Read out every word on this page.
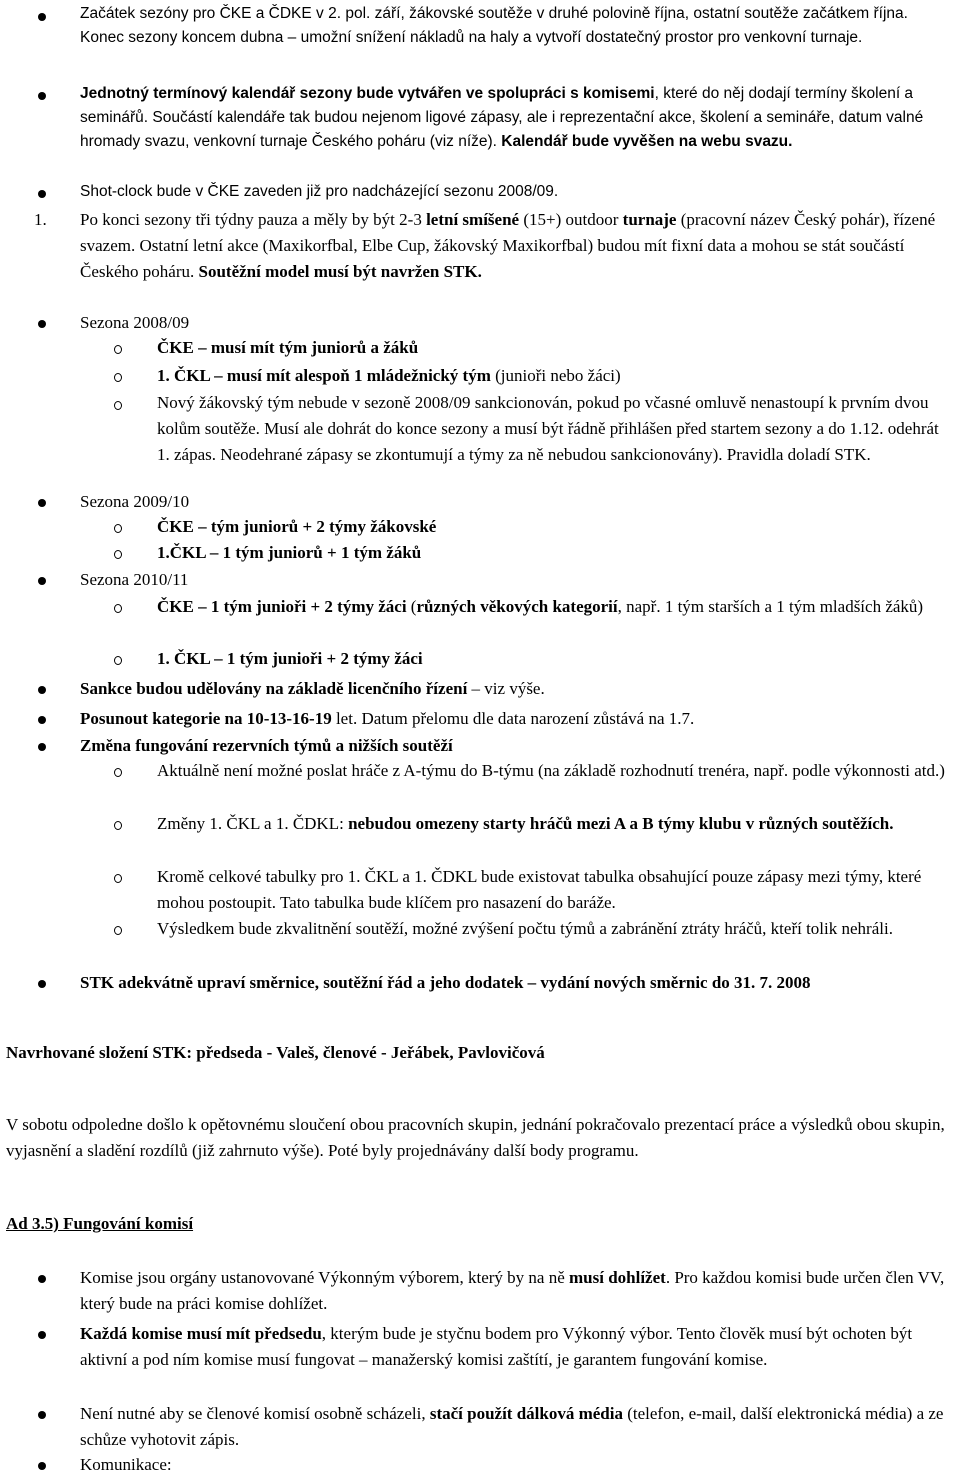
Začátek sezóny pro ČKE a ČDKE v 2. pol. září, žákovské soutěže v druhé polovině října, ostatní soutěže začátkem října. Konec sezony koncem dubna – umožní snížení nákladů na haly a vytvoří dostatečný prostor pro venkovní turnaje.
Jednotný termínový kalendář sezony bude vytvářen ve spolupráci s komisemi, které do něj dodají termíny školení a seminářů. Součástí kalendáře tak budou nejenom ligové zápasy, ale i reprezentační akce, školení a semináře, datum valné hromady svazu, venkovní turnaje Českého poháru (viz níže). Kalendář bude vyvěšen na webu svazu.
Shot-clock bude v ČKE zaveden již pro nadcházející sezonu 2008/09.
1. Po konci sezony tři týdny pauza a měly by být 2-3 letní smíšené (15+) outdoor turnaje (pracovní název Český pohár), řízené svazem. Ostatní letní akce (Maxikorfbal, Elbe Cup, žákovský Maxikorfbal) budou mít fixní data a mohou se stát součástí Českého poháru. Soutěžní model musí být navržen STK.
Sezona 2008/09
ČKE – musí mít tým juniorů a žáků
1. ČKL – musí mít alespoň 1 mládežnický tým (junioři nebo žáci)
Nový žákovský tým nebude v sezoně 2008/09 sankcionován, pokud po včasné omluvě nenastoupí k prvním dvou kolům soutěže. Musí ale dohrát do konce sezony a musí být řádně přihlášen před startem sezony a do 1.12. odehrát 1. zápas. Neodehrané zápasy se zkontumují a týmy za ně nebudou sankcionovány). Pravidla doladí STK.
Sezona 2009/10
ČKE – tým juniorů + 2 týmy žákovské
1.ČKL – 1 tým juniorů + 1 tým žáků
Sezona 2010/11
ČKE – 1 tým junioři + 2 týmy žáci (různých věkových kategorií, např. 1 tým starších a 1 tým mladších žáků)
1. ČKL – 1 tým junioři + 2 týmy žáci
Sankce budou udělovány na základě licenčního řízení – viz výše.
Posunout kategorie na 10-13-16-19 let. Datum přelomu dle data narození zůstává na 1.7.
Změna fungování rezervních týmů a nižších soutěží
Aktuálně není možné poslat hráče z A-týmu do B-týmu (na základě rozhodnutí trenéra, např. podle výkonnosti atd.)
Změny 1. ČKL a 1. ČDKL: nebudou omezeny starty hráčů mezi A a B týmy klubu v různých soutěžích.
Kromě celkové tabulky pro 1. ČKL a 1. ČDKL bude existovat tabulka obsahující pouze zápasy mezi týmy, které mohou postoupit. Tato tabulka bude klíčem pro nasazení do baráže.
Výsledkem bude zkvalitnění soutěží, možné zvýšení počtu týmů a zabránění ztráty hráčů, kteří tolik nehráli.
STK adekvátně upraví směrnice, soutěžní řád a jeho dodatek – vydání nových směrnic do 31. 7. 2008
Navrhované složení STK: předseda - Valeš, členové - Jeřábek, Pavlovičová
V sobotu odpoledne došlo k opětovnému sloučení obou pracovních skupin, jednání pokračovalo prezentací práce a výsledků obou skupin, vyjasnění a sladění rozdílů (již zahrnuto výše). Poté byly projednávány další body programu.
Ad 3.5) Fungování komisí
Komise jsou orgány ustanovované Výkonným výborem, který by na ně musí dohlížet. Pro každou komisi bude určen člen VV, který bude na práci komise dohlížet.
Každá komise musí mít předsedu, kterým bude je styčnu bodem pro Výkonný výbor. Tento člověk musí být ochoten být aktivní a pod ním komise musí fungovat – manažerský komisi zaštítí, je garantem fungování komise.
Není nutné aby se členové komisí osobně scházeli, stačí použít dálková média (telefon, e-mail, další elektronická média) a ze schůze vyhotovit zápis.
Komunikace:
